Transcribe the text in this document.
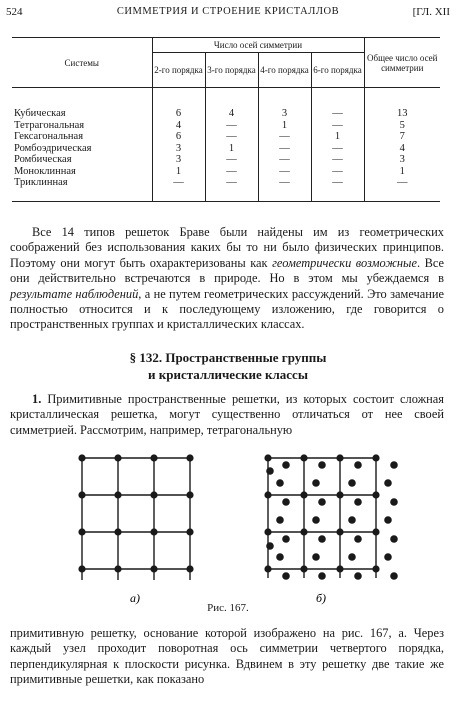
524	СИММЕТРИЯ И СТРОЕНИЕ КРИСТАЛЛОВ	[ГЛ. XII
Системы	Число осей симметрии				Общее число осей симметрии
	2-го порядка	3-го порядка	4-го порядка	6-го порядка	
Кубическая	6	4	3	—	13
Тетрагональная	4	—	1	—	5
Гексагональная	6	—	—	1	7
Ромбоэдрическая	3	1	—	—	4
Ромбическая	3	—	—	—	3
Моноклинная	1	—	—	—	1
Триклинная	—	—	—	—	—

Все 14 типов решеток Браве были найдены им из геометрических соображений без использования каких бы то ни было физических принципов. Поэтому они могут быть охарактеризованы как геометрически возможные. Все они действительно встречаются в природе. Но в этом мы убеждаемся в результате наблюдений, а не путем геометрических рассуждений. Это замечание полностью относится и к последующему изложению, где говорится о пространственных группах и кристаллических классах.

§ 132. Пространственные группы
и кристаллические классы

1. Примитивные пространственные решетки, из которых состоит сложная кристаллическая решетка, могут существенно отличаться от нее своей симметрией. Рассмотрим, например, тетрагональную

а)	б)
Рис. 167.
примитивную решетку, основание которой изображено на рис. 167, а. Через каждый узел проходит поворотная ось симметрии четвертого порядка, перпендикулярная к плоскости рисунка. Вдвинем в эту решетку две такие же примитивные решетки, как показано
